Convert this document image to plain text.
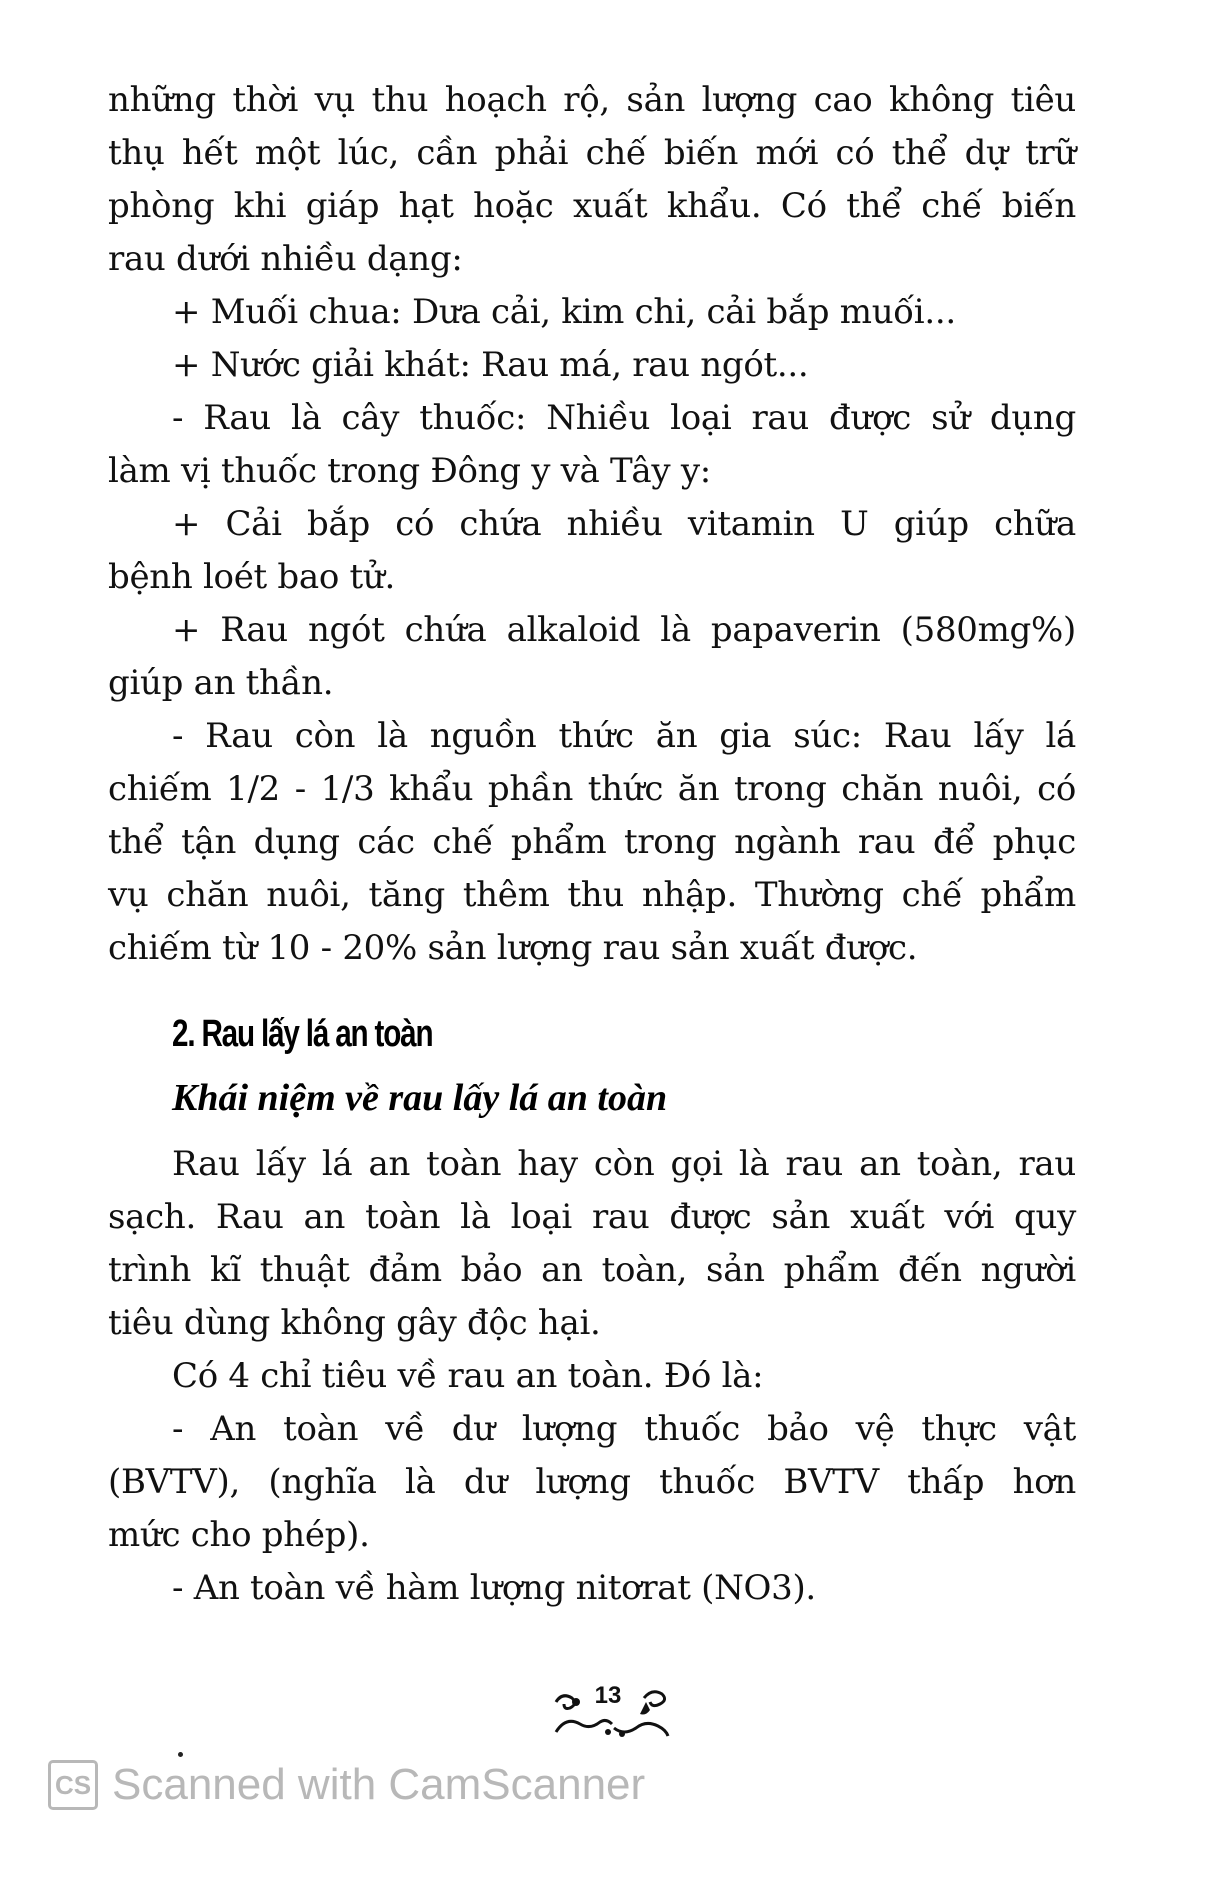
những thời vụ thu hoạch rộ, sản lượng cao không tiêu
thụ hết một lúc, cần phải chế biến mới có thể dự trữ
phòng khi giáp hạt hoặc xuất khẩu. Có thể chế biến
rau dưới nhiều dạng:
+ Muối chua: Dưa cải, kim chi, cải bắp muối...
+ Nước giải khát: Rau má, rau ngót...
- Rau là cây thuốc: Nhiều loại rau được sử dụng
làm vị thuốc trong Đông y và Tây y:
+ Cải bắp có chứa nhiều vitamin U giúp chữa
bệnh loét bao tử.
+ Rau ngót chứa alkaloid là papaverin (580mg%)
giúp an thần.
- Rau còn là nguồn thức ăn gia súc: Rau lấy lá
chiếm 1/2 - 1/3 khẩu phần thức ăn trong chăn nuôi, có
thể tận dụng các chế phẩm trong ngành rau để phục
vụ chăn nuôi, tăng thêm thu nhập. Thường chế phẩm
chiếm từ 10 - 20% sản lượng rau sản xuất được.
2. Rau lấy lá an toàn
Khái niệm về rau lấy lá an toàn
Rau lấy lá an toàn hay còn gọi là rau an toàn, rau
sạch. Rau an toàn là loại rau được sản xuất với quy
trình kĩ thuật đảm bảo an toàn, sản phẩm đến người
tiêu dùng không gây độc hại.
Có 4 chỉ tiêu về rau an toàn. Đó là:
- An toàn về dư lượng thuốc bảo vệ thực vật
(BVTV), (nghĩa là dư lượng thuốc BVTV thấp hơn
mức cho phép).
- An toàn về hàm lượng nitơrat (NO3).
13
CS Scanned with CamScanner
